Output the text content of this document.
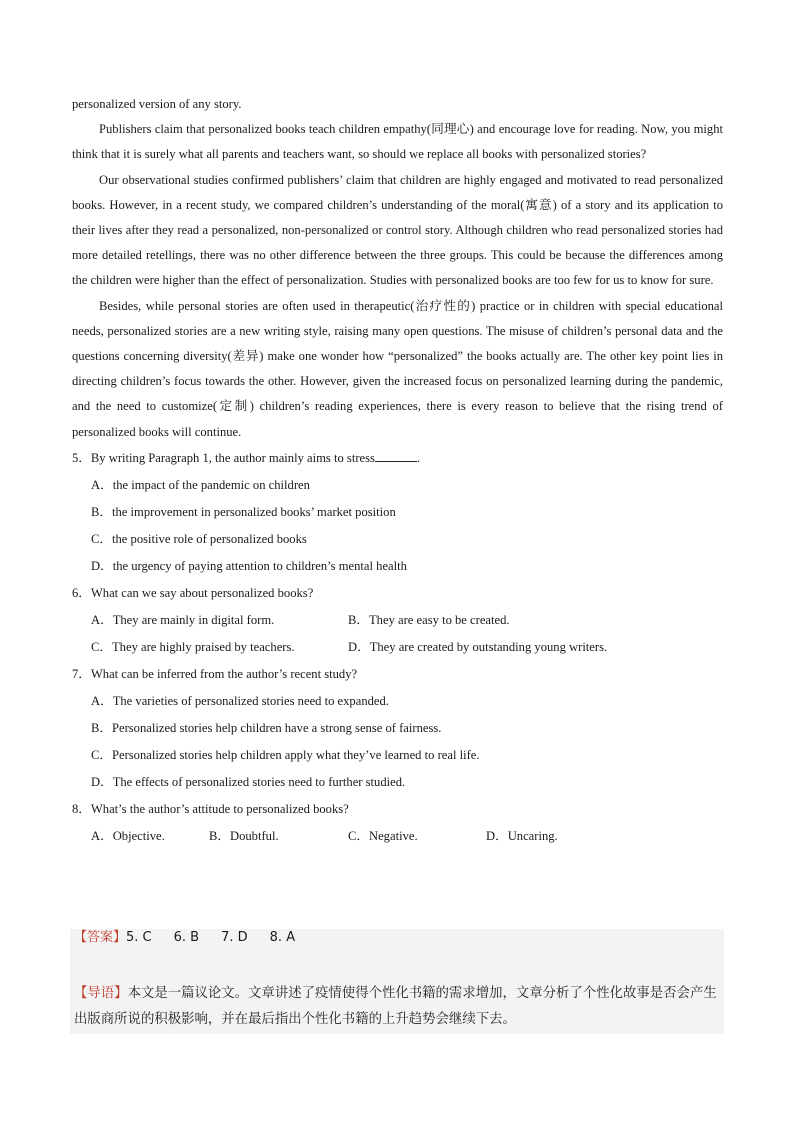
personalized version of any story.

Publishers claim that personalized books teach children empathy(同理心) and encourage love for reading. Now, you might think that it is surely what all parents and teachers want, so should we replace all books with personalized stories?

Our observational studies confirmed publishers’ claim that children are highly engaged and motivated to read personalized books. However, in a recent study, we compared children’s understanding of the moral(寓意) of a story and its application to their lives after they read a personalized, non-personalized or control story. Although children who read personalized stories had more detailed retellings, there was no other difference between the three groups. This could be because the differences among the children were higher than the effect of personalization. Studies with personalized books are too few for us to know for sure.

Besides, while personal stories are often used in therapeutic(治疗性的) practice or in children with special educational needs, personalized stories are a new writing style, raising many open questions. The misuse of children’s personal data and the questions concerning diversity(差异) make one wonder how “personalized” the books actually are. The other key point lies in directing children’s focus towards the other. However, given the increased focus on personalized learning during the pandemic, and the need to customize(定制) children’s reading experiences, there is every reason to believe that the rising trend of personalized books will continue.

5．By writing Paragraph 1, the author mainly aims to stress	.

A．the impact of the pandemic on children

B．the improvement in personalized books’ market position

C．the positive role of personalized books

D．the urgency of paying attention to children’s mental health

6．What can we say about personalized books?

A．They are mainly in digital form.	B．They are easy to be created.
C．They are highly praised by teachers.	D．They are created by outstanding young writers.

7．What can be inferred from the author’s recent study?

A．The varieties of personalized stories need to expanded.

B．Personalized stories help children have a strong sense of fairness.

C．Personalized stories help children apply what they’ve learned to real life.

D．The effects of personalized stories need to further studied.

8．What’s the author’s attitude to personalized books?

A．Objective.	B．Doubtful.	C．Negative.	D．Uncaring.
【答案】5. C 6. B 7. D 8. A
【导语】本文是一篇议论文。文章讲述了疫情使得个性化书籍的需求增加，文章分析了个性化故事是否会产生出版商所说的积极影响，并在最后指出个性化书籍的上升趋势会继续下去。
